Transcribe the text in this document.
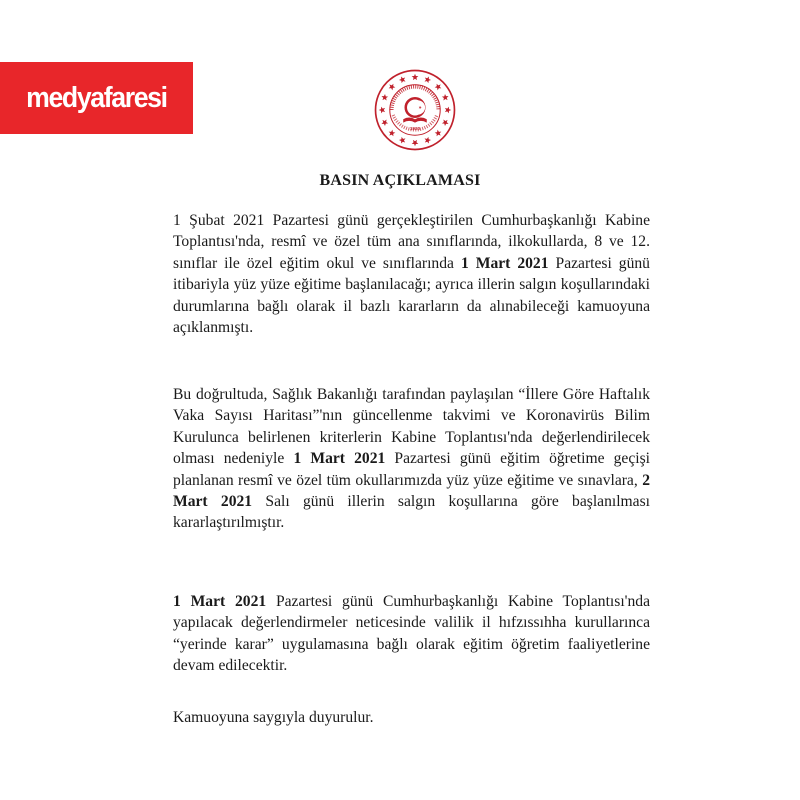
medyafaresi
1920
BASIN AÇIKLAMASI

1 Şubat 2021 Pazartesi günü gerçekleştirilen Cumhurbaşkanlığı Kabine Toplantısı'nda, resmî ve özel tüm ana sınıflarında, ilkokullarda, 8 ve 12. sınıflar ile özel eğitim okul ve sınıflarında 1 Mart 2021 Pazartesi günü itibariyla yüz yüze eğitime başlanılacağı; ayrıca illerin salgın koşullarındaki durumlarına bağlı olarak il bazlı kararların da alınabileceği kamuoyuna açıklanmıştı.

Bu doğrultuda, Sağlık Bakanlığı tarafından paylaşılan “İllere Göre Haftalık Vaka Sayısı Haritası”'nın güncellenme takvimi ve Koronavirüs Bilim Kurulunca belirlenen kriterlerin Kabine Toplantısı'nda değerlendirilecek olması nedeniyle 1 Mart 2021 Pazartesi günü eğitim öğretime geçişi planlanan resmî ve özel tüm okullarımızda yüz yüze eğitime ve sınavlara, 2 Mart 2021 Salı günü illerin salgın koşullarına göre başlanılması kararlaştırılmıştır.

1 Mart 2021 Pazartesi günü Cumhurbaşkanlığı Kabine Toplantısı'nda yapılacak değerlendirmeler neticesinde valilik il hıfzıssıhha kurullarınca “yerinde karar” uygulamasına bağlı olarak eğitim öğretim faaliyetlerine devam edilecektir.

Kamuoyuna saygıyla duyurulur.
